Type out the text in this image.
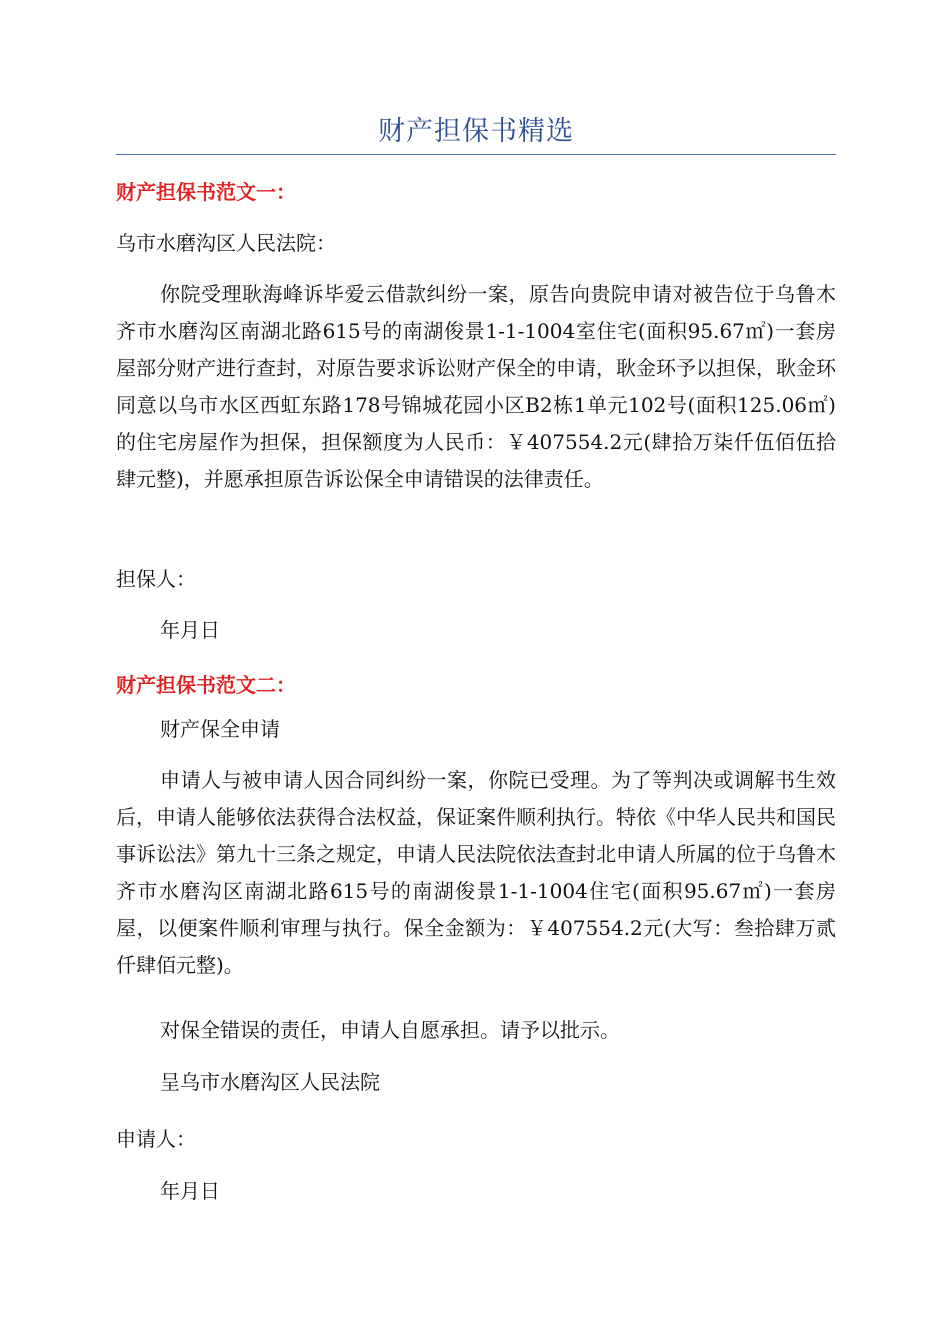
财产担保书精选
财产担保书范文一：
乌市水磨沟区人民法院：
你院受理耿海峰诉毕爱云借款纠纷一案，原告向贵院申请对被告位于乌鲁木齐市水磨沟区南湖北路615号的南湖俊景1-1-1004室住宅(面积95.67㎡)一套房屋部分财产进行查封，对原告要求诉讼财产保全的申请，耿金环予以担保，耿金环同意以乌市水区西虹东路178号锦城花园小区B2栋1单元102号(面积125.06㎡)的住宅房屋作为担保，担保额度为人民币：￥407554.2元(肆拾万柒仟伍佰伍拾肆元整)，并愿承担原告诉讼保全申请错误的法律责任。
担保人：
年月日
财产担保书范文二：
财产保全申请
申请人与被申请人因合同纠纷一案，你院已受理。为了等判决或调解书生效后，申请人能够依法获得合法权益，保证案件顺利执行。特依《中华人民共和国民事诉讼法》第九十三条之规定，申请人民法院依法查封北申请人所属的位于乌鲁木齐市水磨沟区南湖北路615号的南湖俊景1-1-1004住宅(面积95.67㎡)一套房屋，以便案件顺利审理与执行。保全金额为：￥407554.2元(大写：叁拾肆万贰仟肆佰元整)。
对保全错误的责任，申请人自愿承担。请予以批示。
呈乌市水磨沟区人民法院
申请人：
年月日
